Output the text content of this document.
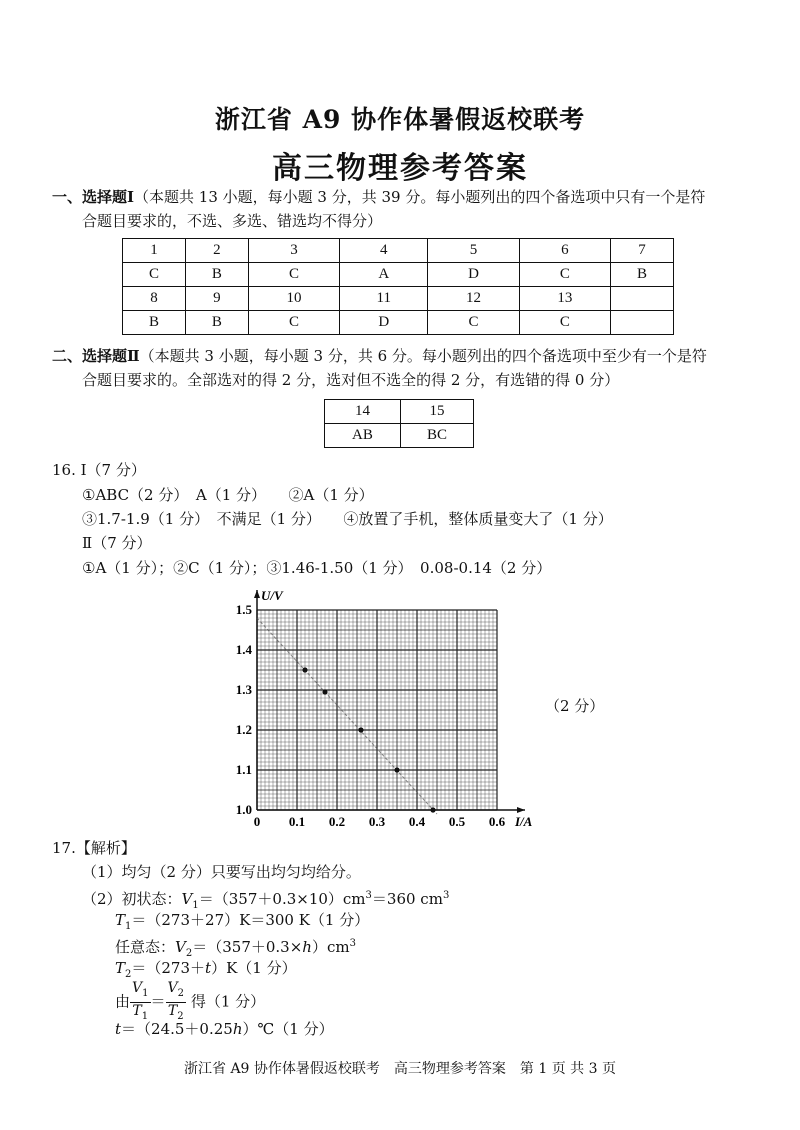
浙江省 A9 协作体暑假返校联考
高三物理参考答案
一、选择题Ⅰ（本题共 13 小题，每小题 3 分，共 39 分。每小题列出的四个备选项中只有一个是符
合题目要求的，不选、多选、错选均不得分）
1	2	3	4	5	6	7
C	B	C	A	D	C	B
8	9	10	11	12	13	
B	B	C	D	C	C	
二、选择题Ⅱ（本题共 3 小题，每小题 3 分，共 6 分。每小题列出的四个备选项中至少有一个是符
合题目要求的。全部选对的得 2 分，选对但不选全的得 2 分，有选错的得 0 分）
14	15
AB	BC
16. Ⅰ（7 分）
①ABC（2 分）　A（1 分）　　②A（1 分）
③1.7-1.9（1 分）　不满足（1 分）　　④放置了手机，整体质量变大了（1 分）
Ⅱ（7 分）
①A（1 分）；②C（1 分）；③1.46-1.50（1 分）　0.08-0.14（2 分）
0 0.1 0.2 0.3 0.4 0.5 0.6
1.0
1.1
1.2
1.3
1.4
1.5
U/V
I/A
（2 分）
17.【解析】
（1）均匀（2 分）只要写出均匀均给分。
（2）初状态：$V_1=(357+0.3\times 10)cm^3=360$ $cm^3$
$T_1=(273+27)K=300$ K（1 分）
任意态：$V_2=(357+0.3\times h)cm^3$
$T_2=(273+t)K(1$ 分）
由 $\frac{V_1}{T_1} = \frac{V_2}{T_2}$ 得（1 分）
t＝（24.5＋0.25h）℃（1 分）
浙江省 A9 协作体暑假返校联考　高三物理参考答案　第 1 页 共 3 页
